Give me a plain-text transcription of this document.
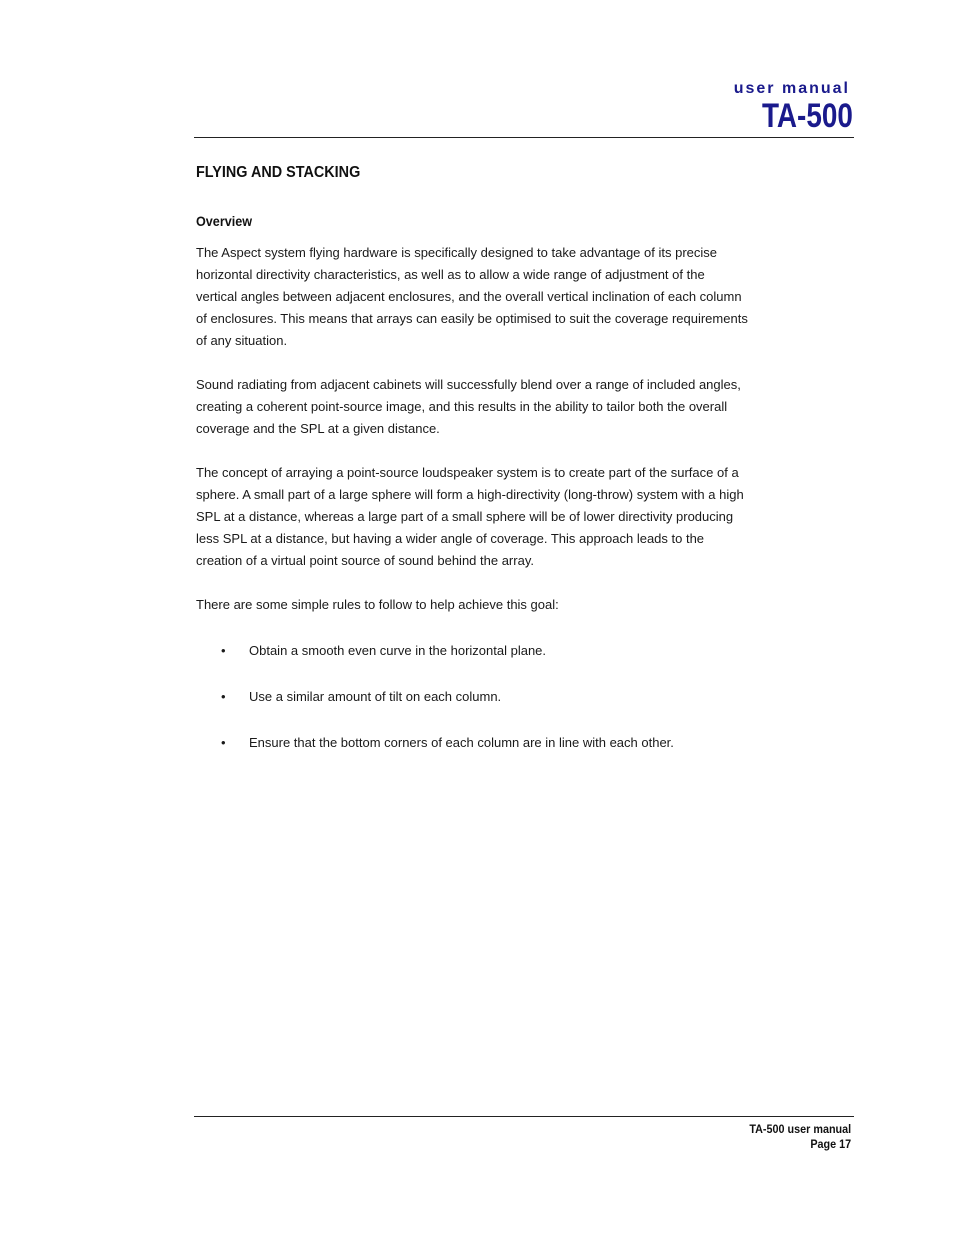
user manual
TA-500
FLYING AND STACKING
Overview

The Aspect system flying hardware is specifically designed to take advantage of its precise horizontal directivity characteristics, as well as to allow a wide range of adjustment of the vertical angles between adjacent enclosures, and the overall vertical inclination of each column of enclosures. This means that arrays can easily be optimised to suit the coverage requirements of any situation.

Sound radiating from adjacent cabinets will successfully blend over a range of included angles, creating a coherent point-source image, and this results in the ability to tailor both the overall coverage and the SPL at a given distance.

The concept of arraying a point-source loudspeaker system is to create part of the surface of a sphere. A small part of a large sphere will form a high-directivity (long-throw) system with a high SPL at a distance, whereas a large part of a small sphere will be of lower directivity producing less SPL at a distance, but having a wider angle of coverage. This approach leads to the creation of a virtual point source of sound behind the array.

There are some simple rules to follow to help achieve this goal:

• Obtain a smooth even curve in the horizontal plane.
• Use a similar amount of tilt on each column.
• Ensure that the bottom corners of each column are in line with each other.
TA-500 user manual
Page 17
